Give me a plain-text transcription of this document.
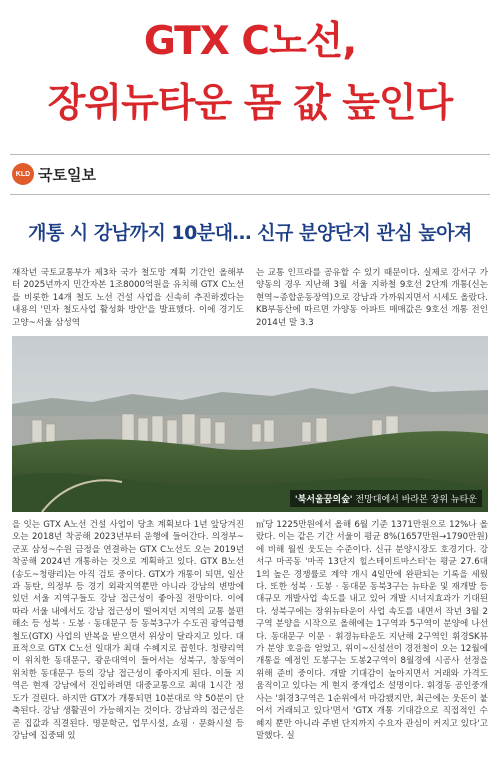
GTX C노선,
장위뉴타운 몸 값 높인다
KLD 국토일보
개통 시 강남까지 10분대… 신규 분양단지 관심 높아져
재작년 국토교통부가 제3차 국가 철도망 계획 기간인 올해부터 2025년까지 민간자본 1조8000억원을 유치해 GTX C노선을 비롯한 14개 철도 노선 건설 사업을 신속히 추진하겠다는 내용의 '민자 철도사업 활성화 방안'을 발표했다. 이에 경기도 고양~서울 삼성역
는 교통 인프라를 공유할 수 있기 때문이다. 실제로 강서구 가양동의 경우 지난해 3월 서울 지하철 9호선 2단계 개통(신논현역~종합운동장역)으로 강남과 가까워지면서 시세도 올랐다. KB부동산에 따르면 가양동 아파트 매매값은 9호선 개통 전인 2014년 말 3.3
'북서울꿈의숲' 전망대에서 바라본 장위 뉴타운
을 잇는 GTX A노선 건설 사업이 당초 계획보다 1년 앞당겨진 오는 2018년 착공해 2023년부터 운행에 들어간다. 의정부~군포 삼성~수원 금정을 연결하는 GTX C노선도 오는 2019년 착공해 2024년 개통하는 것으로 계획하고 있다. GTX B노선(송도~청량리)는 아직 검토 중이다. GTX가 개통이 되면, 일산과 동탄, 의정부 등 경기 외곽지역뿐만 아니라 강남의 변방에 있던 서울 지역구들도 강남 접근성이 좋아질 전망이다. 이에 따라 서울 내에서도 강남 접근성이 떨어지던 지역의 교통 불편 해소 등 성북 · 도봉 · 동대문구 등 동북3구가 수도권 광역급행철도(GTX) 사업의 반복을 받으면서 위상이 달라지고 있다. 대표적으로 GTX C노선 일대가 최대 수혜지로 꼽힌다. 청량리역이 위치한 동대문구, 광운대역이 들어서는 성북구, 창동역이 위치한 동대문구 등의 강남 접근성이 좋아지게 된다. 이들 지역은 현재 강남에서 진입하려면 대중교통으로 최대 1시간 정도가 걸린다. 하지만 GTX가 개통되면 10분대로 약 50분이 단축된다. 강남 생활권이 가능해지는 것이다. 강남과의 접근성은 곧 집값과 직결된다. 명문학군, 업무시설, 쇼핑 · 문화시설 등 강남에 집중돼 있
㎡당 1225만원에서 올해 6월 기준 1371만원으로 12%나 올랐다. 이는 같은 기간 서울이 평균 8%(1657만원→1790만원)에 비해 월씬 웃도는 수준이다. 신규 분양시장도 호경기다. 강서구 마곡동 '마곡 13단지 힐스테이트마스터'는 평균 27.6대 1의 높은 경쟁률로 계약 개시 4일만에 완판되는 기록을 세웠다. 또한 성북 · 도봉 · 동대문 동북3구는 뉴타운 및 재개발 등 대규모 개발사업 속도를 내고 있어 개발 시너지효과가 기대된다. 성북구에는 장위뉴타운이 사업 속도를 내면서 작년 3월 2구역 분양을 시작으로 올해에는 1구역과 5구역이 분양에 나선다. 동대문구 이문 · 휘경뉴타운도 지난해 2구역인 휘경SK뷰가 분양 호응을 얻었고, 위이~신설선이 경전철이 오는 12월에 개통을 예정인 도봉구는 도봉2구역이 8월경에 시공사 선정을 위해 준비 중이다. 개발 기대감이 높아지면서 거래와 가격도 움직이고 있다는 게 현지 중개업소 설명이다. 휘경동 공인중개사는 '휘경3구역은 1순위에서 마감됐지만, 최근에는 웃돈이 붙어서 거래되고 있다'면서 'GTX 개통 기대감으로 직접적인 수혜지 뿐만 아니라 주변 단지까지 수요자 관심이 커지고 있다'고 말했다. 실
